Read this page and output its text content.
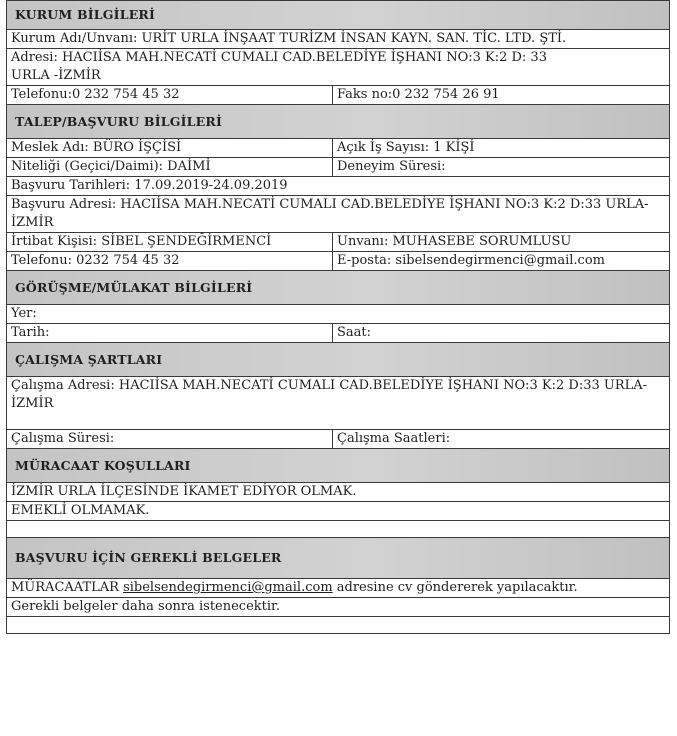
KURUM BİLGİLERİ	
Kurum Adı/Unvanı: URİT URLA İNŞAAT TURİZM İNSAN KAYN. SAN. TİC. LTD. ŞTİ.	
Adresi: HACIİSA MAH.NECATİ CUMALI CAD.BELEDİYE İŞHANI NO:3 K:2 D: 33 URLA -İZMİR	
Telefonu:0 232 754 45 32	Faks no:0 232 754 26 91
TALEP/BAŞVURU BİLGİLERİ	
Meslek Adı: BÜRO İŞÇİSİ	Açık İş Sayısı: 1 KİŞİ
Niteliği (Geçici/Daimi): DAİMİ	Deneyim Süresi:
Başvuru Tarihleri: 17.09.2019-24.09.2019	
Başvuru Adresi: HACIİSA MAH.NECATİ CUMALI CAD.BELEDİYE İŞHANI NO:3 K:2 D:33 URLA-İZMİR	
İrtibat Kişisi: SİBEL ŞENDEĞİRMENCİ	Unvanı: MUHASEBE SORUMLUSU
Telefonu: 0232 754 45 32	E-posta: sibelsendegirmenci@gmail.com
GÖRÜŞME/MÜLAKAT BİLGİLERİ	
Yer:	
Tarih:	Saat:
ÇALIŞMA ŞARTLARI	
Çalışma Adresi: HACIİSA MAH.NECATİ CUMALI CAD.BELEDİYE İŞHANI NO:3 K:2 D:33 URLA-İZMİR	
Çalışma Süresi:	Çalışma Saatleri:
MÜRACAAT KOŞULLARI	
İZMİR URLA İLÇESİNDE İKAMET EDİYOR OLMAK.	
EMEKLİ OLMAMAK.	

BAŞVURU İÇİN GEREKLİ BELGELER	
MÜRACAATLAR sibelsendegirmenci@gmail.com adresine cv göndererek yapılacaktır.	
Gerekli belgeler daha sonra istenecektir.	
